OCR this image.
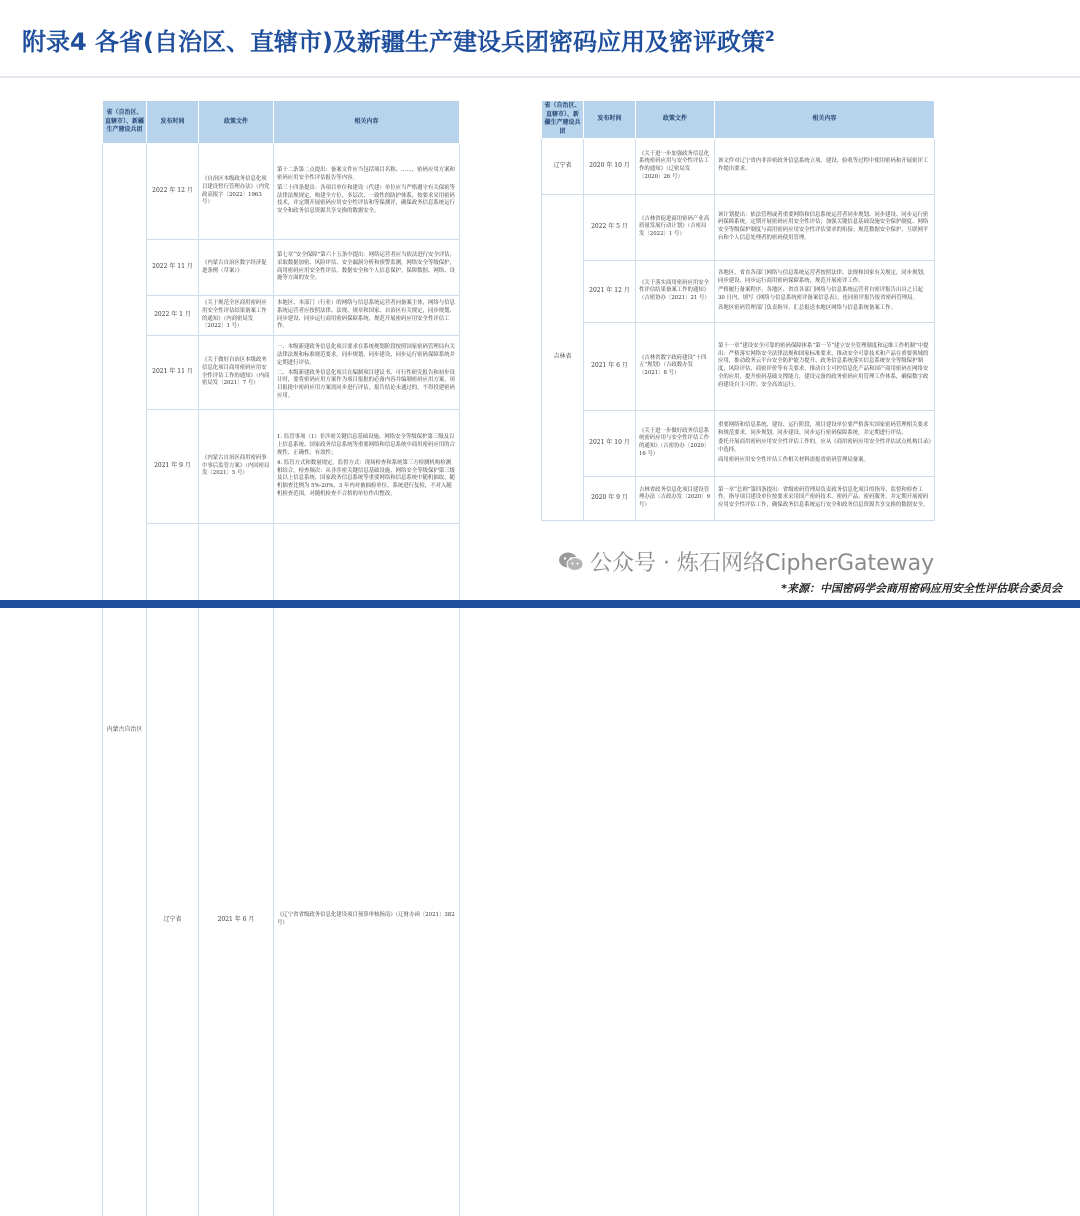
附录4 各省(自治区、直辖市)及新疆生产建设兵团密码应用及密评政策$^2$
省（自治区、直辖市）、新疆生产建设兵团	发布时间	政策文件	相关内容	
内蒙古自治区	2022 年 12 月	《自治区本级政务信息化项目建设暂行管理办法》（内党政高报字〔2022〕1963 号）	第十二条第二点提出：备案文件应当包括项目名称、……，密码应用方案和密码应用安全性评估报告等内容。
第三十四条提出：各项目单位和建设（代建）单位应当严格遵守有关保密等法律法规规定，构建全方位、多层次、一致性的防护体系，按要求采用密码技术，并定期开展密码应用安全性评估和等保测评，确保政务信息系统运行安全和政务信息资源共享交换的数据安全。	

	2022 年 11 月	《内蒙古自治区数字经济促进条例（草案）》	第七章“安全保障”第六十五条中提出：网络运营者应当依法进行安全评估，采取数据加密、风险评估、安全漏洞分析和预警监测，网络安全等级保护，商用密码应用安全性评估，数据安全和个人信息保护，保障数据、网络、设施等方面的安全。	

	2022 年 1 月	《关于规范全区商用密码应用安全性评估结果备案工作的通知》（内商密局发〔2022〕1 号）	本地区、本部门（行业）的网络与信息系统运营者向备案主体，网络与信息系统运营者应按照法律、法规、规章和国家、自治区有关规定，同步规划、同步建设、同步运行商用密码保障系统，规范开展密码应用安全性评估工作。	

	2021 年 11 月	《关于做好自治区本级政务信息化项目商用密码应用安全性评估工作的通知》（内商密局发〔2021〕7 号）	一、本级新建政务信息化项目要求在系统规划阶段按照国家密码管理局有关法律法规和标准规范要求，同步规划、同步建设、同步运行密码保障系统并定期进行评估。
二、本级新建政务信息化项目在编制项目建议书、可行性研究报告和初步设计时，要将密码应用方案作为项目报批的必备内容并编制密码应用方案。项目报批中密码应用方案需同步进行评估，报告结论未通过的，不得投建密码应用。	

	2021 年 9 月	《内蒙古自治区商用密码事中事后监管方案》（内国密局发〔2021〕5 号）	1. 监管事项（1）非涉密关键信息基础设施、网络安全等级保护第三级及以上信息系统、国家政务信息系统等重要网络和信息系统中商用密码应用的合规性、正确性、有效性；
4. 监管方式和数量规定。监督方式：现场检查和系统第三方检测机构检测相结合，检查频次：从非涉密关键信息基础设施、网络安全等级保护第三级及以上信息系统、国家政务信息系统等重要网络和信息系统中随机抽取，随机抽查比例为 5%-20%，3 年内对被抽检单位、系统进行复检，不对入随机检查范围，对随机检查不合格的单位作出整改。	

	辽宁省	2021 年 6 月	《辽宁省省级政务信息化建设项目预算审核指南》（辽财办函〔2021〕382 号）	
省（自治区、直辖市）、新疆生产建设兵团	发布时间	政策文件	相关内容
辽宁省	2020 年 10 月	《关于进一步加强政务信息化系统密码应用与安全性评估工作的通知》（辽密局发〔2020〕26 号）	该文件对辽宁省内非涉密政务信息系统立项、建设、验收等过程中使用密码和开展密评工作提出要求。

吉林省	2022 年 5 月	《吉林省促进商用密码产业高质量发展行动计划》（吉密局发〔2022〕1 号）	该计划提出：依法管理或者重要网络和信息系统运营者同步规划、同步建设、同步运行密码保障系统，定期开展密码应用安全性评估；加强关键信息基础设施安全保护制度、网络安全等级保护制度与商用密码应用安全性评估要求的衔接；规范数据安全保护、互联网平台和个人信息处理者的密码使用管理。

	2021 年 12 月	《关于落实商用密码应用安全性评估结果备案工作的通知》（吉密协办〔2021〕21 号）	各地区、省直各部门网络与信息系统运营者按照法律、法规和国家有关规定，同步规划、同步建设、同步运行商用密码保障系统，规范开展密评工作。
严格履行备案程序。各地区、省直各部门网络与信息系统运营者自密评报告出具之日起 30 日内，填写《网络与信息系统密评备案信息表》，连同密评报告报省密码管理局。
各地区密码管理部门负责指导、汇总报送本地区网络与信息系统备案工作。

	2021 年 6 月	《吉林省数字政府建设“十四五”规划》（吉政数办发〔2021〕8 号）	第十一章“建设安全可靠的密码保障体系”第一节“建立安全管理制度和运维工作机制”中提出：严格落实网络安全法律法规和国家标准要求，推动安全可靠技术和产品在重要领域的应用，推动政务云平台安全防护能力提升、政务信息系统落实信息系统安全等级保护制度、风险评估、商密评价等有关要求，推动自主可控信息化产品和国产商用密码在网络安全的应用，提升密码基础支撑能力，建设完备的政务密码应用管理工作体系，确保数字政府建设自主可控、安全高效运行。

	2021 年 10 月	《关于进一步做好政务信息系统密码应用与安全性评估工作的通知》（吉密协办〔2020〕16 号）	重要网络和信息系统、建设、运行阶段，项目建设单位要严格落实国家密码管理相关要求和规范要求，同步规划、同步建设、同步运行密码保障系统，并定期进行评估。
委托开展商用密码应用安全性评估工作的，应从《商用密码应用安全性评估试点机构目录》中选择。
商用密码应用安全性评估工作相关材料需报省密码管理局备案。

	2020 年 9 月	吉林省政务信息化项目建设管理办法（吉政办发〔2020〕9 号）	第一章“总则”第四条提出：省级密码管理局负责政务信息化项目的指导、监督和检查工作。指导项目建设单位按要求采用国产密码技术、密码产品、密码服务，并定期开展密码应用安全性评估工作，确保政务信息系统运行安全和政务信息资源共享交换的数据安全。
公众号 · 炼石网络CipherGateway
*来源：中国密码学会商用密码应用安全性评估联合委员会
